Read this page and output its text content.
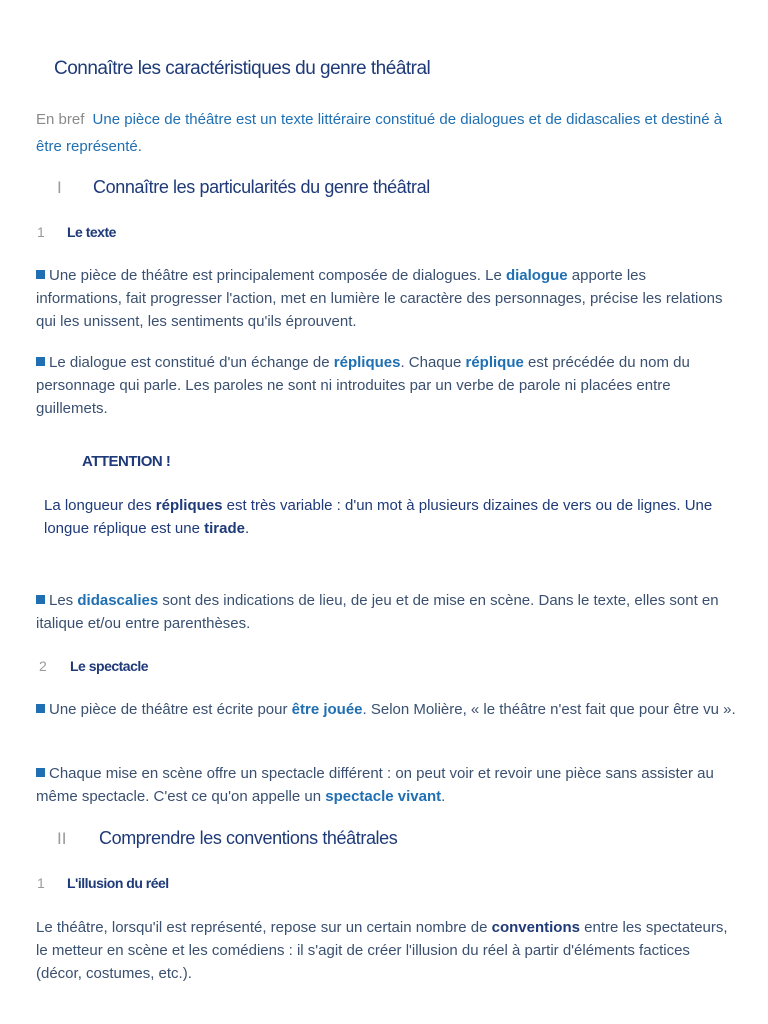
Connaître les caractéristiques du genre théâtral
En bref Une pièce de théâtre est un texte littéraire constitué de dialogues et de didascalies et destiné à être représenté.
I Connaître les particularités du genre théâtral
1 Le texte
Une pièce de théâtre est principalement composée de dialogues. Le dialogue apporte les informations, fait progresser l'action, met en lumière le caractère des personnages, précise les relations qui les unissent, les sentiments qu'ils éprouvent.
Le dialogue est constitué d'un échange de répliques. Chaque réplique est précédée du nom du personnage qui parle. Les paroles ne sont ni introduites par un verbe de parole ni placées entre guillemets.
ATTENTION !
La longueur des répliques est très variable : d'un mot à plusieurs dizaines de vers ou de lignes. Une longue réplique est une tirade.
Les didascalies sont des indications de lieu, de jeu et de mise en scène. Dans le texte, elles sont en italique et/ou entre parenthèses.
2 Le spectacle
Une pièce de théâtre est écrite pour être jouée. Selon Molière, « le théâtre n'est fait que pour être vu ».
Chaque mise en scène offre un spectacle différent : on peut voir et revoir une pièce sans assister au même spectacle. C'est ce qu'on appelle un spectacle vivant.
II Comprendre les conventions théâtrales
1 L'illusion du réel
Le théâtre, lorsqu'il est représenté, repose sur un certain nombre de conventions entre les spectateurs, le metteur en scène et les comédiens : il s'agit de créer l'illusion du réel à partir d'éléments factices (décor, costumes, etc.).
